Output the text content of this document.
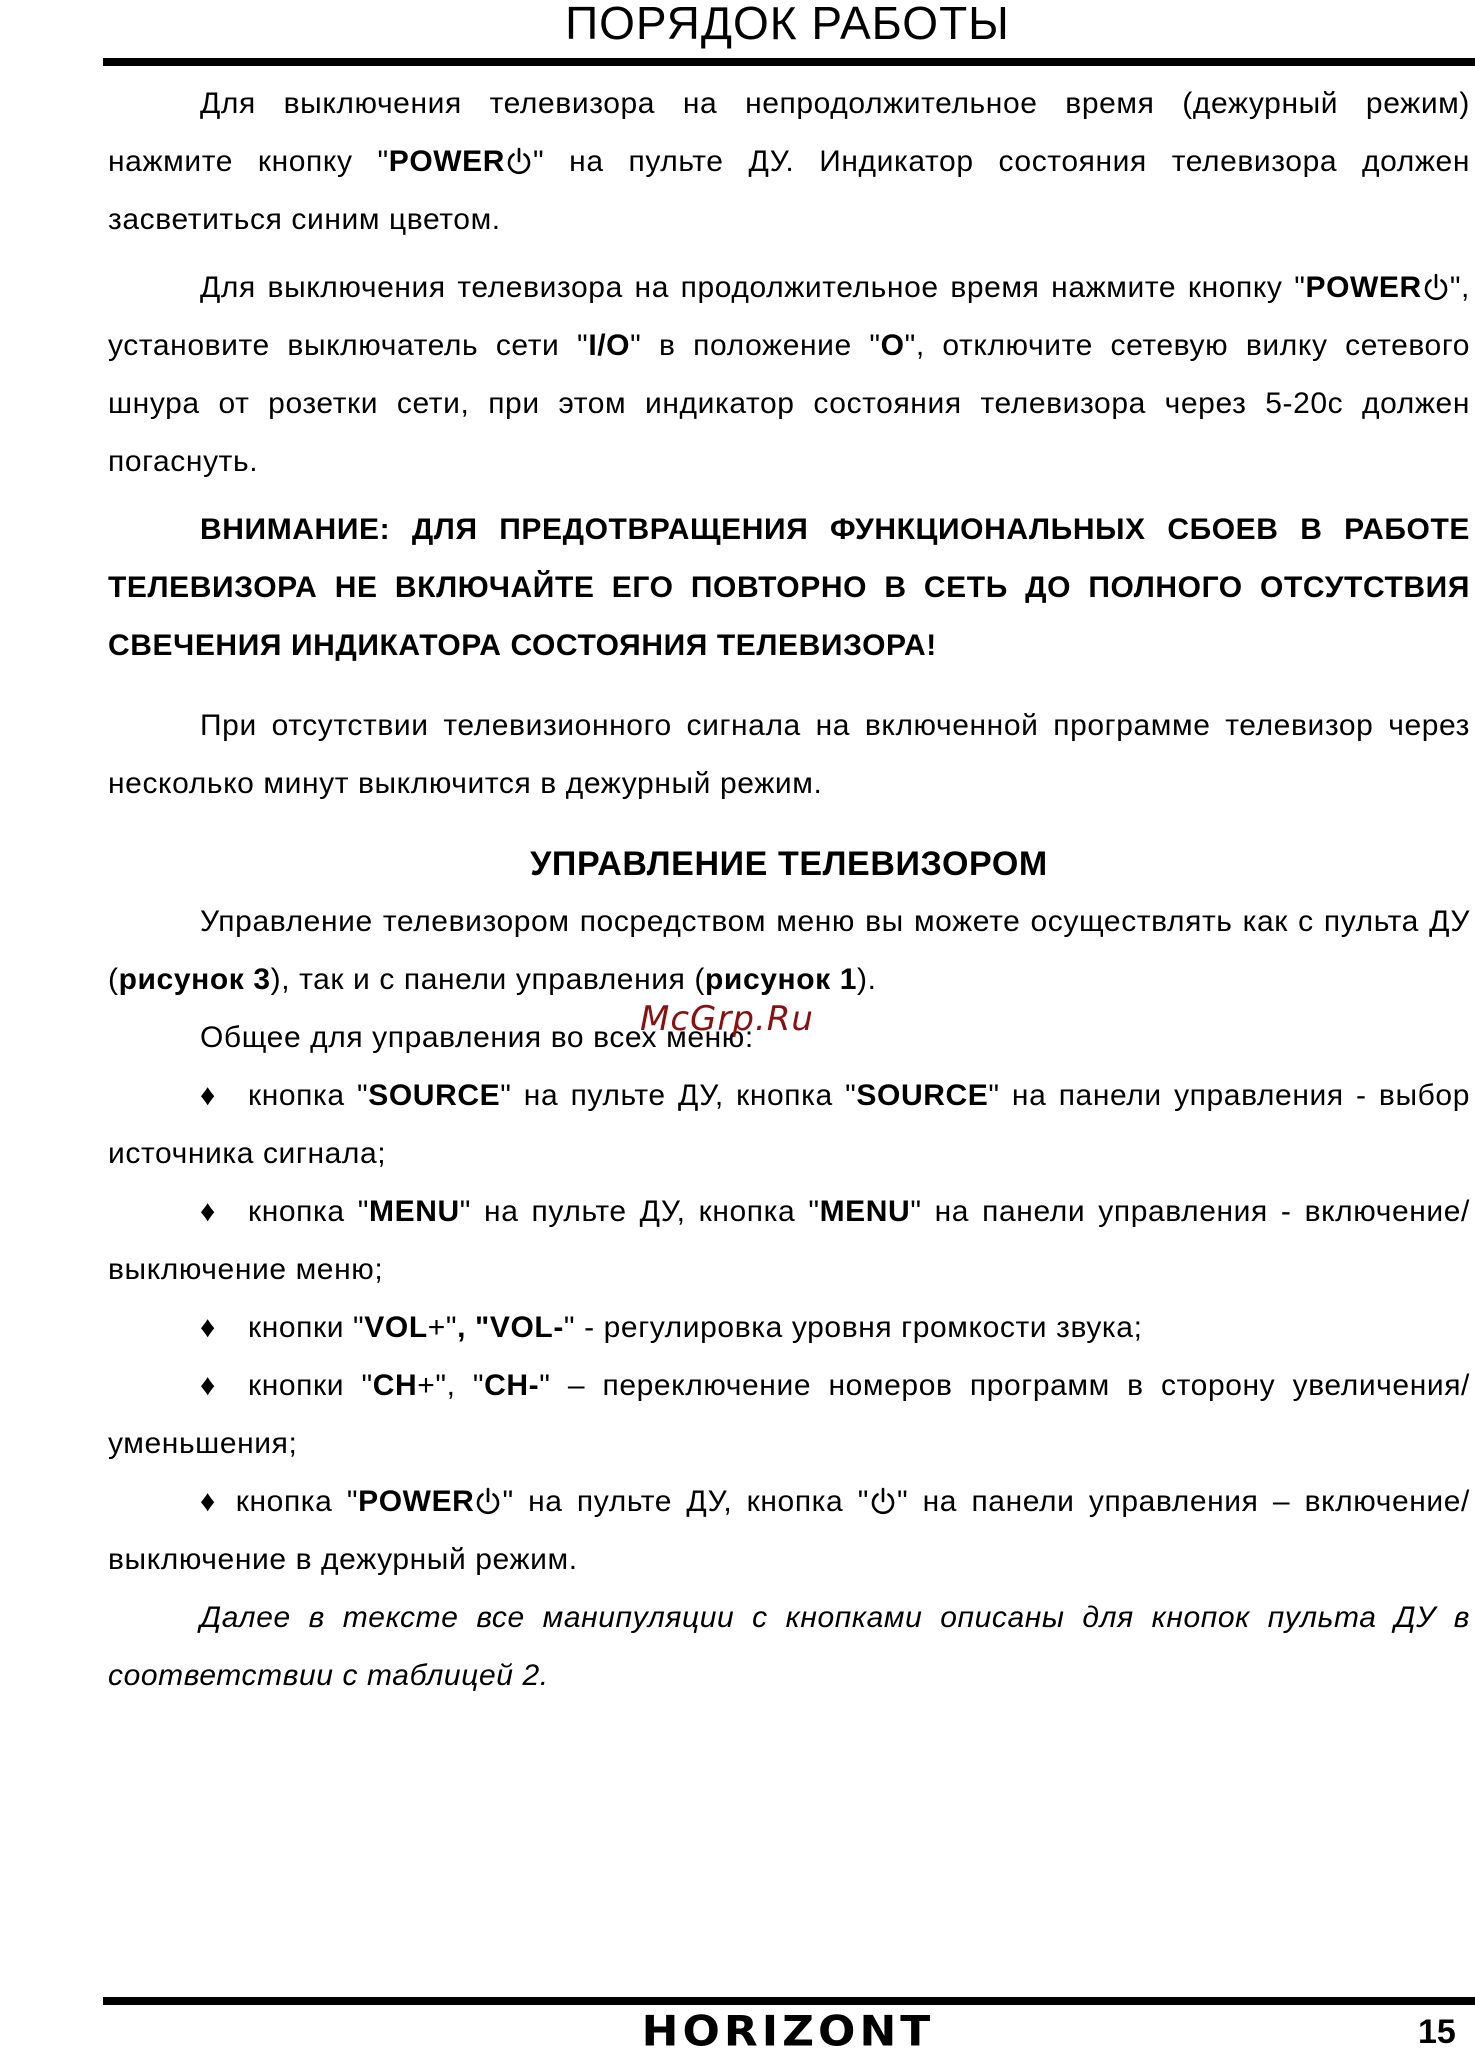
ПОРЯДОК РАБОТЫ

Для выключения телевизора на непродолжительное время (дежурный режим) нажмите кнопку "POWER " на пульте ДУ. Индикатор состояния телевизора должен засветиться синим цветом.

Для выключения телевизора на продолжительное время нажмите кнопку "POWER ", установите выключатель сети "I/O" в положение "O", отключите сетевую вилку сетевого шнура от розетки сети, при этом индикатор состояния телевизора через 5-20с должен погаснуть.

ВНИМАНИЕ: ДЛЯ ПРЕДОТВРАЩЕНИЯ ФУНКЦИОНАЛЬНЫХ СБОЕВ В РАБОТЕ ТЕЛЕВИЗОРА НЕ ВКЛЮЧАЙТЕ ЕГО ПОВТОРНО В СЕТЬ ДО ПОЛНОГО ОТСУТСТВИЯ СВЕЧЕНИЯ ИНДИКАТОРА СОСТОЯНИЯ ТЕЛЕВИЗОРА!

При отсутствии телевизионного сигнала на включенной программе телевизор через несколько минут выключится в дежурный режим.

УПРАВЛЕНИЕ ТЕЛЕВИЗОРОМ

Управление телевизором посредством меню вы можете осуществлять как с пульта ДУ (рисунок 3), так и с панели управления (рисунок 1).

Общее для управления во всех меню:

♦ кнопка "SOURCE" на пульте ДУ, кнопка "SOURCE" на панели управления - выбор источника сигнала;

♦ кнопка "MENU" на пульте ДУ, кнопка "MENU" на панели управления - включение/выключение меню;

♦ кнопки "VOL+", "VOL-" - регулировка уровня громкости звука;

♦ кнопки "CH+", "CH-" – переключение номеров программ в сторону увеличения/уменьшения;

♦ кнопка "POWER " на пульте ДУ, кнопка " " на панели управления – включение/выключение в дежурный режим.

Далее в тексте все манипуляции с кнопками описаны для кнопок пульта ДУ в соответствии с таблицей 2.

McGrp.Ru
HORIZONT	15
